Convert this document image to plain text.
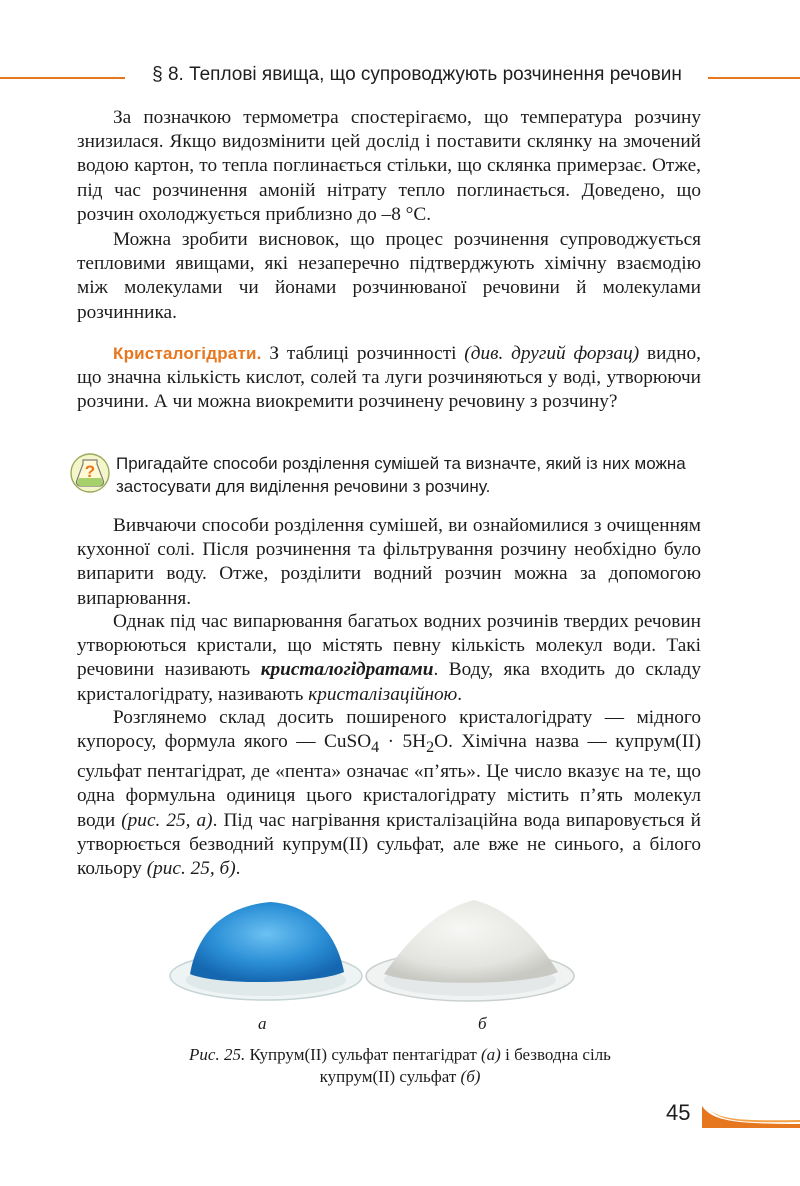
§ 8. Теплові явища, що супроводжують розчинення речовин

За позначкою термометра спостерігаємо, що температура розчину знизилася. Якщо видозмінити цей дослід і поставити склянку на змочений водою картон, то тепла поглинається стільки, що склянка примерзає. Отже, під час розчинення амоній нітрату тепло поглинається. Доведено, що розчин охолоджується приблизно до –8 °С.

Можна зробити висновок, що процес розчинення супроводжується тепловими явищами, які незаперечно підтверджують хімічну взаємодію між молекулами чи йонами розчинюваної речовини й молекулами розчинника.

Кристалогідрати. З таблиці розчинності (див. другий форзац) видно, що значна кількість кислот, солей та луги розчиняються у воді, утворюючи розчини. А чи можна виокремити розчинену речовину з розчину?

? Пригадайте способи розділення сумішей та визначте, який із них можна застосувати для виділення речовини з розчину.

Вивчаючи способи розділення сумішей, ви ознайомилися з очищенням кухонної солі. Після розчинення та фільтрування розчину необхідно було випарити воду. Отже, розділити водний розчин можна за допомогою випарювання.

Однак під час випарювання багатьох водних розчинів твердих речовин утворюються кристали, що містять певну кількість молекул води. Такі речовини називають кристалогідратами. Воду, яка входить до складу кристалогідрату, називають кристалізаційною.

Розглянемо склад досить поширеного кристалогідрату — мідного купоросу, формула якого — CuSO$_4$ · $5H_2O$. Хімічна назва — купрум(ІІ) сульфат пентагідрат, де «пента» означає «п’ять». Це число вказує на те, що одна формульна одиниця цього кристалогідрату містить п’ять молекул води (рис. 25, а). Під час нагрівання кристалізаційна вода випаровується й утворюється безводний купрум(ІІ) сульфат, але вже не синього, а білого кольору (рис. 25, б).

а	б

Рис. 25. Купрум(ІІ) сульфат пентагідрат (а) і безводна сіль купрум(ІІ) сульфат (б)

45
